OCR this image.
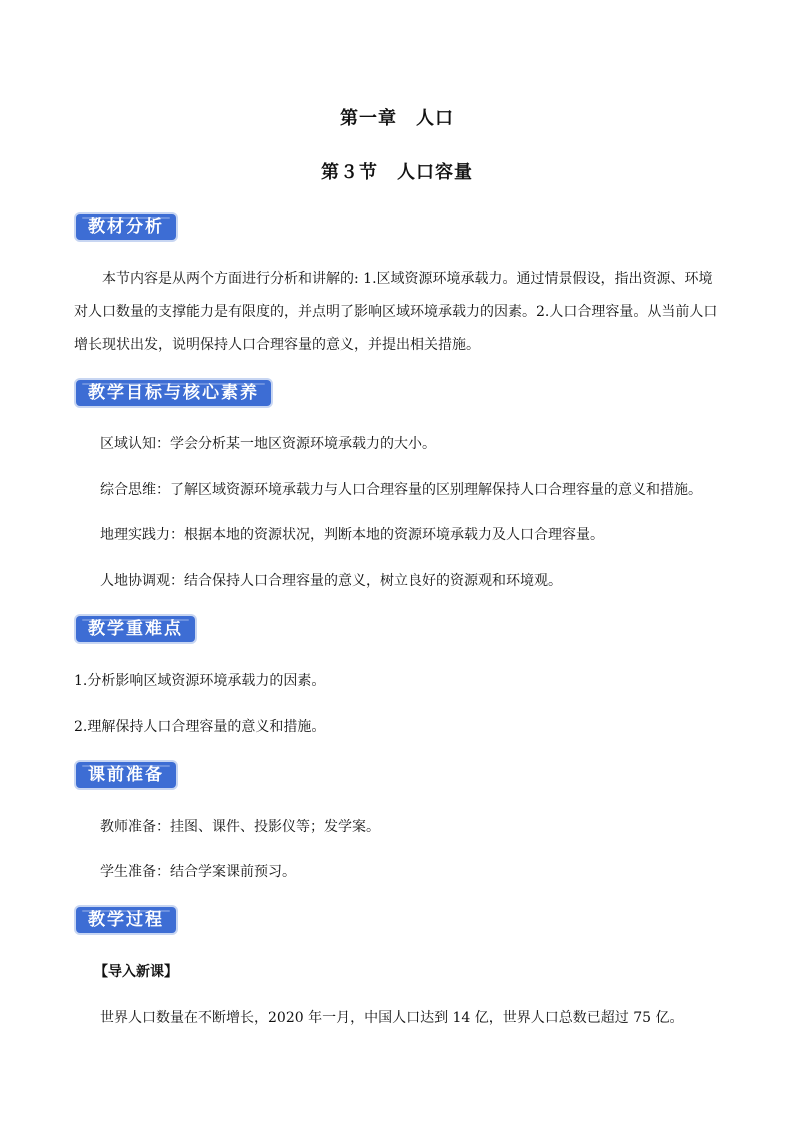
第一章　人口
第３节　人口容量
教材分析
本节内容是从两个方面进行分析和讲解的: 1.区域资源环境承载力。通过情景假设，指出资源、环境对人口数量的支撑能力是有限度的，并点明了影响区域环境承载力的因素。2.人口合理容量。从当前人口增长现状出发，说明保持人口合理容量的意义，并提出相关措施。
教学目标与核心素养
区域认知：学会分析某一地区资源环境承载力的大小。
综合思维：了解区域资源环境承载力与人口合理容量的区别理解保持人口合理容量的意义和措施。
地理实践力：根据本地的资源状况，判断本地的资源环境承载力及人口合理容量。
人地协调观：结合保持人口合理容量的意义，树立良好的资源观和环境观。
教学重难点
1.分析影响区域资源环境承载力的因素。
2.理解保持人口合理容量的意义和措施。
课前准备
教师准备：挂图、课件、投影仪等；发学案。
学生准备：结合学案课前预习。
教学过程
【导入新课】
世界人口数量在不断增长，2020 年一月，中国人口达到 14 亿，世界人口总数已超过 75 亿。
